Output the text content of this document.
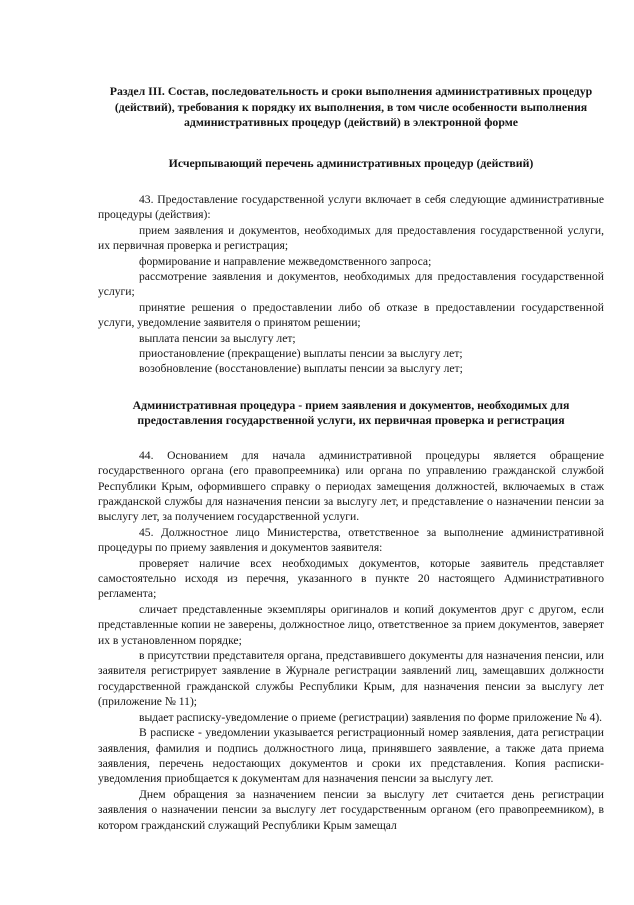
Раздел III. Состав, последовательность и сроки выполнения административных процедур (действий), требования к порядку их выполнения, в том числе особенности выполнения административных процедур (действий) в электронной форме
Исчерпывающий перечень административных процедур (действий)

43. Предоставление государственной услуги включает в себя следующие административные процедуры (действия):

прием заявления и документов, необходимых для предоставления государственной услуги, их первичная проверка и регистрация;

формирование и направление межведомственного запроса;

рассмотрение заявления и документов, необходимых для предоставления государственной услуги;

принятие решения о предоставлении либо об отказе в предоставлении государственной услуги, уведомление заявителя о принятом решении;

выплата пенсии за выслугу лет;

приостановление (прекращение) выплаты пенсии за выслугу лет;

возобновление (восстановление) выплаты пенсии за выслугу лет;

Административная процедура - прием заявления и документов, необходимых для предоставления государственной услуги, их первичная проверка и регистрация

44. Основанием для начала административной процедуры является обращение государственного органа (его правопреемника) или органа по управлению гражданской службой Республики Крым, оформившего справку о периодах замещения должностей, включаемых в стаж гражданской службы для назначения пенсии за выслугу лет, и представление о назначении пенсии за выслугу лет, за получением государственной услуги.

45. Должностное лицо Министерства, ответственное за выполнение административной процедуры по приему заявления и документов заявителя:

проверяет наличие всех необходимых документов, которые заявитель представляет самостоятельно исходя из перечня, указанного в пункте 20 настоящего Административного регламента;

сличает представленные экземпляры оригиналов и копий документов друг с другом, если представленные копии не заверены, должностное лицо, ответственное за прием документов, заверяет их в установленном порядке;

в присутствии представителя органа, представившего документы для назначения пенсии, или заявителя регистрирует заявление в Журнале регистрации заявлений лиц, замещавших должности государственной гражданской службы Республики Крым, для назначения пенсии за выслугу лет (приложение № 11);

выдает расписку-уведомление о приеме (регистрации) заявления по форме приложение № 4).

В расписке - уведомлении указывается регистрационный номер заявления, дата регистрации заявления, фамилия и подпись должностного лица, принявшего заявление, а также дата приема заявления, перечень недостающих документов и сроки их представления. Копия расписки-уведомления приобщается к документам для назначения пенсии за выслугу лет.

Днем обращения за назначением пенсии за выслугу лет считается день регистрации заявления о назначении пенсии за выслугу лет государственным органом (его правопреемником), в котором гражданский служащий Республики Крым замещал
